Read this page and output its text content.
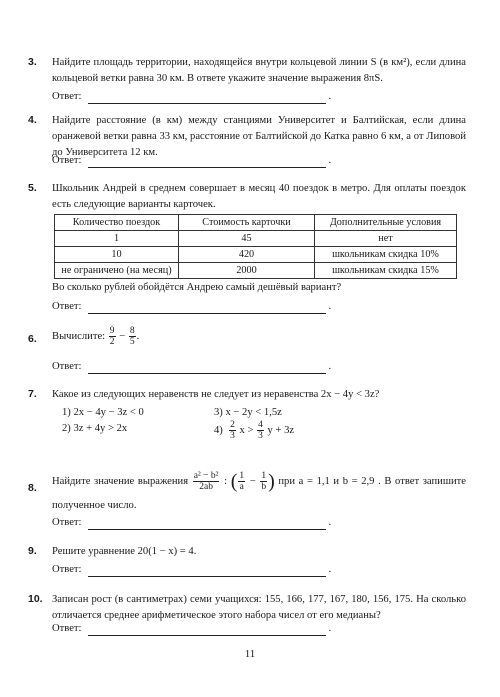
3.	Найдите площадь территории, находящейся внутри кольцевой линии S (в км²), если длина кольцевой ветки равна 30 км. В ответе укажите значение выражения 8πS.
Ответ:	.
4.	Найдите расстояние (в км) между станциями Университет и Балтийская, если длина оранжевой ветки равна 33 км, расстояние от Балтийской до Катка равно 6 км, а от Липовой до Университета 12 км.
Ответ:	.
5.	Школьник Андрей в среднем совершает в месяц 40 поездок в метро. Для оплаты поездок есть следующие варианты карточек.
Количество поездок	Стоимость карточки	Дополнительные условия
1	45	нет
10	420	школьникам скидка 10%
не ограничено (на месяц)	2000	школьникам скидка 15%
Во сколько рублей обойдётся Андрею самый дешёвый вариант?
Ответ:	.
6.	Вычислите: $\frac{9}{2} - \frac{8}{5}$ .
Ответ:	.
7.	Какое из следующих неравенств не следует из неравенства 2x − 4y < 3z?
1) 2x − 4y − 3z < 0
2) 3z + 4y > 2x
3) x − 2y < 1,5z
$4) \frac{2}{3}$ $x > \frac{4}{3}$ y + 3z
8.
Найдите значение выражения $\frac{\text{a² − b²}}{2ab}$ : ( $\frac{1}{a} - \frac{1}{b}$ ) при a = 1,1 и b = 2,9 . В ответ запишите полученное число.
Ответ:	.
9.	Решите уравнение 20(1 − x) = 4.
Ответ:	.
10. Записан рост (в сантиметрах) семи учащихся: 155, 166, 177, 167, 180, 156, 175. На сколько отличается среднее арифметическое этого набора чисел от его медианы?
Ответ:	.
11
